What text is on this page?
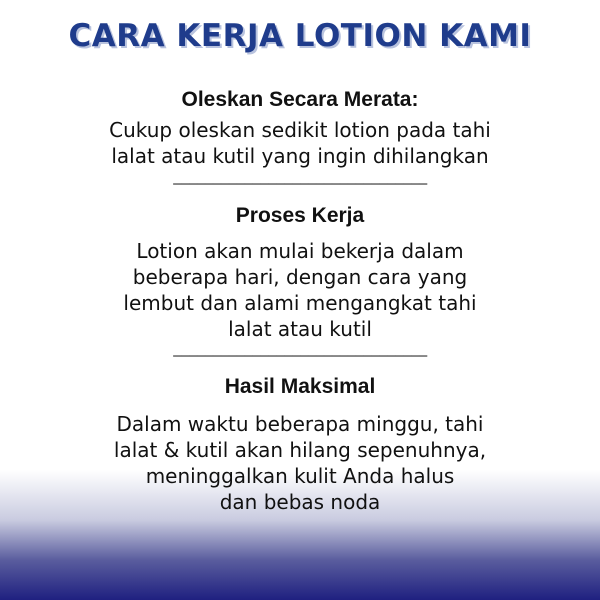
CARA KERJA LOTION KAMI
Oleskan Secara Merata:
Cukup oleskan sedikit lotion pada tahi
lalat atau kutil yang ingin dihilangkan
––––––––––––––––––––––––––––––––
Proses Kerja
Lotion akan mulai bekerja dalam
beberapa hari, dengan cara yang
lembut dan alami mengangkat tahi
lalat atau kutil
––––––––––––––––––––––––––––––––
Hasil Maksimal
Dalam waktu beberapa minggu, tahi
lalat & kutil akan hilang sepenuhnya,
meninggalkan kulit Anda halus
dan bebas noda
